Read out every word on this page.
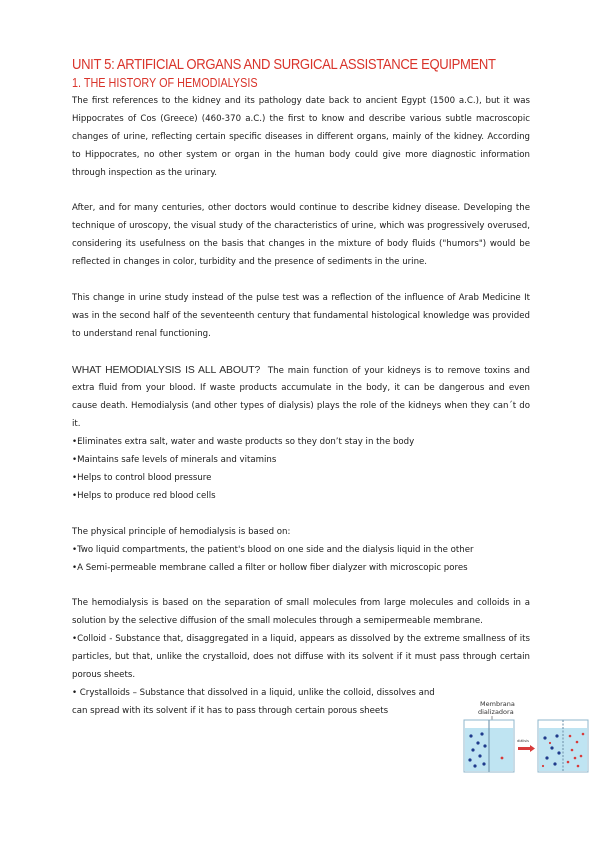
UNIT 5: ARTIFICIAL ORGANS AND SURGICAL ASSISTANCE EQUIPMENT
1. THE HISTORY OF HEMODIALYSIS

The first references to the kidney and its pathology date back to ancient Egypt (1500 a.C.), but it was Hippocrates of Cos (Greece) (460-370 a.C.) the first to know and describe various subtle macroscopic changes of urine, reflecting certain specific diseases in different organs, mainly of the kidney. According to Hippocrates, no other system or organ in the human body could give more diagnostic information through inspection as the urinary.

After, and for many centuries, other doctors would continue to describe kidney disease. Developing the technique of uroscopy, the visual study of the characteristics of urine, which was progressively overused, considering its usefulness on the basis that changes in the mixture of body fluids ("humors") would be reflected in changes in color, turbidity and the presence of sediments in the urine.

This change in urine study instead of the pulse test was a reflection of the influence of Arab Medicine It was in the second half of the seventeenth century that fundamental histological knowledge was provided to understand renal functioning.

WHAT HEMODIALYSIS IS ALL ABOUT? The main function of your kidneys is to remove toxins and extra fluid from your blood. If waste products accumulate in the body, it can be dangerous and even cause death. Hemodialysis (and other types of dialysis) plays the role of the kidneys when they can´t do it.

• Eliminates extra salt, water and waste products so they don’t stay in the body
• Maintains safe levels of minerals and vitamins
• Helps to control blood pressure
• Helps to produce red blood cells

The physical principle of hemodialysis is based on:

• Two liquid compartments, the patient's blood on one side and the dialysis liquid in the other
• A Semi-permeable membrane called a filter or hollow fiber dialyzer with microscopic pores

The hemodialysis is based on the separation of small molecules from large molecules and colloids in a solution by the selective diffusion of the small molecules through a semipermeable membrane.

• Colloid - Substance that, disaggregated in a liquid, appears as dissolved by the extreme smallness of its particles, but that, unlike the crystalloid, does not diffuse with its solvent if it must pass through certain porous sheets.
• Crystalloids – Substance that dissolved in a liquid, unlike the colloid, dissolves and

can spread with its solvent if it has to pass through certain porous sheets

Membrana
dializadora
diálisis
